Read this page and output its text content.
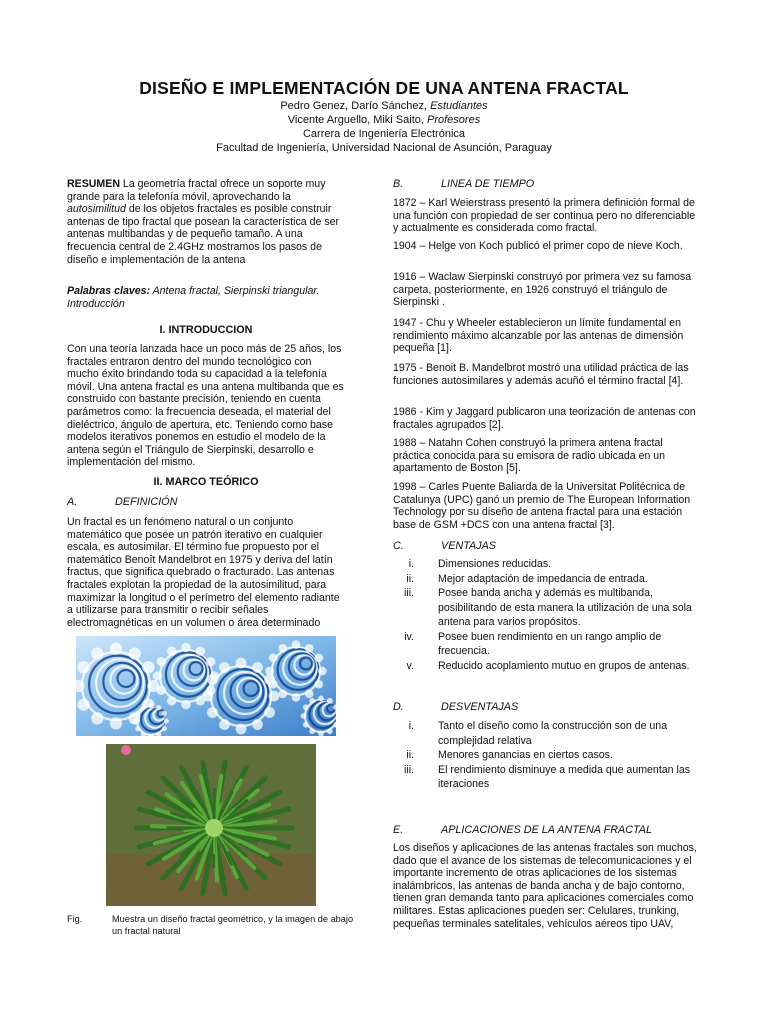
DISEÑO E IMPLEMENTACIÓN DE UNA ANTENA FRACTAL
Pedro Genez, Darío Sánchez, Estudiantes
Vicente Arguello, Miki Saito, Profesores
Carrera de Ingeniería Electrónica
Facultad de Ingeniería, Universidad Nacional de Asunción, Paraguay
RESUMEN La geometría fractal ofrece un soporte muy grande para la telefonía móvil, aprovechando la autosimilitud de los objetos fractales es posible construir antenas de tipo fractal que posean la característica de ser antenas multibandas y de pequeño tamaño. A una frecuencia central de 2.4GHz mostramos los pasos de diseño e implementación de la antena
Palabras claves: Antena fractal, Sierpinski triangular. Introducción
I. INTRODUCCION
Con una teoría lanzada hace un poco más de 25 años, los fractales entraron dentro del mundo tecnológico con mucho éxito brindando toda su capacidad a la telefonía móvil. Una antena fractal es una antena multibanda que es construido con bastante precisión, teniendo en cuenta parámetros como: la frecuencia deseada, el material del dieléctrico, ángulo de apertura, etc. Teniendo como base modelos iterativos ponemos en estudio el modelo de la antena según el Triángulo de Sierpinski, desarrollo e implementación del mismo.
II. MARCO TEÓRICO
A.	DEFINICIÓN
Un fractal es un fenómeno natural o un conjunto matemático que posee un patrón iterativo en cualquier escala, es autosimilar. El término fue propuesto por el matemático Benoît Mandelbrot en 1975 y deriva del latín fractus, que significa quebrado o fracturado. Las antenas fractales explotan la propiedad de la autosimilitud, para maximizar la longitud o el perímetro del elemento radiante a utilizarse para transmitir o recibir señales electromagnéticas en un volumen o área determinado
Fig.	Muestra un diseño fractal geométrico, y la imagen de abajo un fractal natural
B.	LINEA DE TIEMPO
1872 – Karl Weierstrass presentó la primera definición formal de una función con propiedad de ser continua pero no diferenciable y actualmente es considerada como fractal.
1904 – Helge von Koch publicó el primer copo de nieve Koch.
1916 – Waclaw Sierpinski construyó por primera vez su famosa carpeta, posteriormente, en 1926 construyó el triángulo de Sierpinski .
1947 - Chu y Wheeler establecieron un límite fundamental en rendimiento máximo alcanzable por las antenas de dimensión pequeña [1].
1975 - Benoit B. Mandelbrot mostró una utilidad práctica de las funciones autosimilares y además acuñó el término fractal [4].
1986 - Kim y Jaggard publicaron una teorización de antenas con fractales agrupados [2].
1988 – Natahn Cohen construyó la primera antena fractal práctica conocida para su emisora de radio ubicada en un apartamento de Boston [5].
1998 – Carles Puente Baliarda de la Universitat Politécnica de Catalunya (UPC) ganó un premio de The European Information Technology por su diseño de antena fractal para una estación base de GSM +DCS con una antena fractal [3].
C.	VENTAJAS
i. Dimensiones reducidas.
ii. Mejor adaptación de impedancia de entrada.
iii. Posee banda ancha y además es multibanda, posibilitando de esta manera la utilización de una sola antena para varios propósitos.
iv. Posee buen rendimiento en un rango amplio de frecuencia.
v. Reducido acoplamiento mutuo en grupos de antenas.
D.	DESVENTAJAS
i. Tanto el diseño como la construcción son de una complejidad relativa
ii. Menores ganancias en ciertos casos.
iii. El rendimiento disminuye a medida que aumentan las iteraciones
E.	APLICACIONES DE LA ANTENA FRACTAL
Los diseños y aplicaciones de las antenas fractales son muchos, dado que el avance de los sistemas de telecomunicaciones y el importante incremento de otras aplicaciones de los sistemas inalámbricos, las antenas de banda ancha y de bajo contorno, tienen gran demanda tanto para aplicaciones comerciales como militares. Estas aplicaciones pueden ser: Celulares, trunking, pequeñas terminales satelitales, vehículos aéreos tipo UAV,
